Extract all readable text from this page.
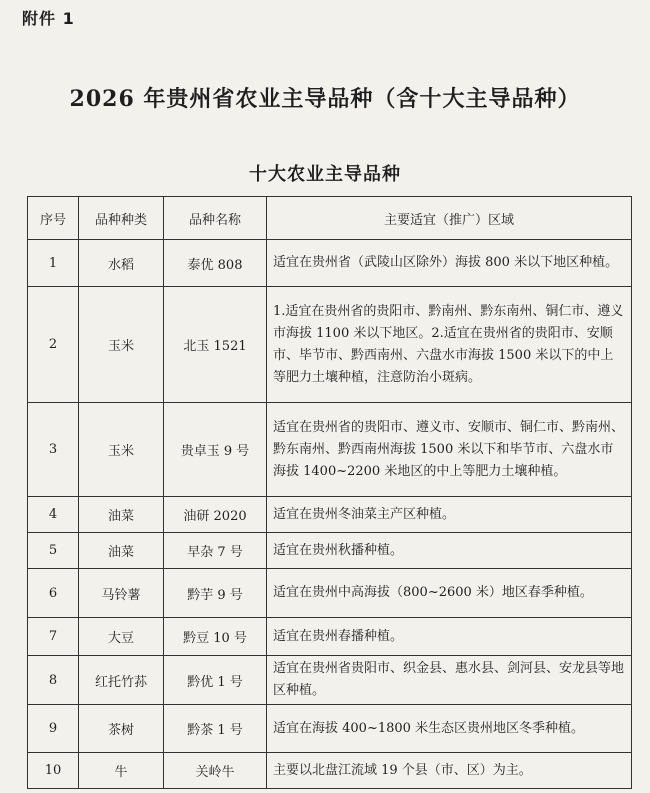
附件 1
2026 年贵州省农业主导品种（含十大主导品种）
十大农业主导品种
序号	品种种类	品种名称	主要适宜（推广）区域
1	水稻	泰优 808	适宜在贵州省（武陵山区除外）海拔 800 米以下地区种植。
2	玉米	北玉 1521	1.适宜在贵州省的贵阳市、黔南州、黔东南州、铜仁市、遵义市海拔 1100 米以下地区。2.适宜在贵州省的贵阳市、安顺市、毕节市、黔西南州、六盘水市海拔 1500 米以下的中上等肥力土壤种植，注意防治小斑病。
3	玉米	贵卓玉 9 号	适宜在贵州省的贵阳市、遵义市、安顺市、铜仁市、黔南州、黔东南州、黔西南州海拔 1500 米以下和毕节市、六盘水市海拔 1400~2200 米地区的中上等肥力土壤种植。
4	油菜	油研 2020	适宜在贵州冬油菜主产区种植。
5	油菜	早杂 7 号	适宜在贵州秋播种植。
6	马铃薯	黔芋 9 号	适宜在贵州中高海拔（800~2600 米）地区春季种植。
7	大豆	黔豆 10 号	适宜在贵州春播种植。
8	红托竹荪	黔优 1 号	适宜在贵州省贵阳市、织金县、惠水县、剑河县、安龙县等地区种植。
9	茶树	黔茶 1 号	适宜在海拔 400~1800 米生态区贵州地区冬季种植。
10	牛	关岭牛	主要以北盘江流域 19 个县（市、区）为主。
